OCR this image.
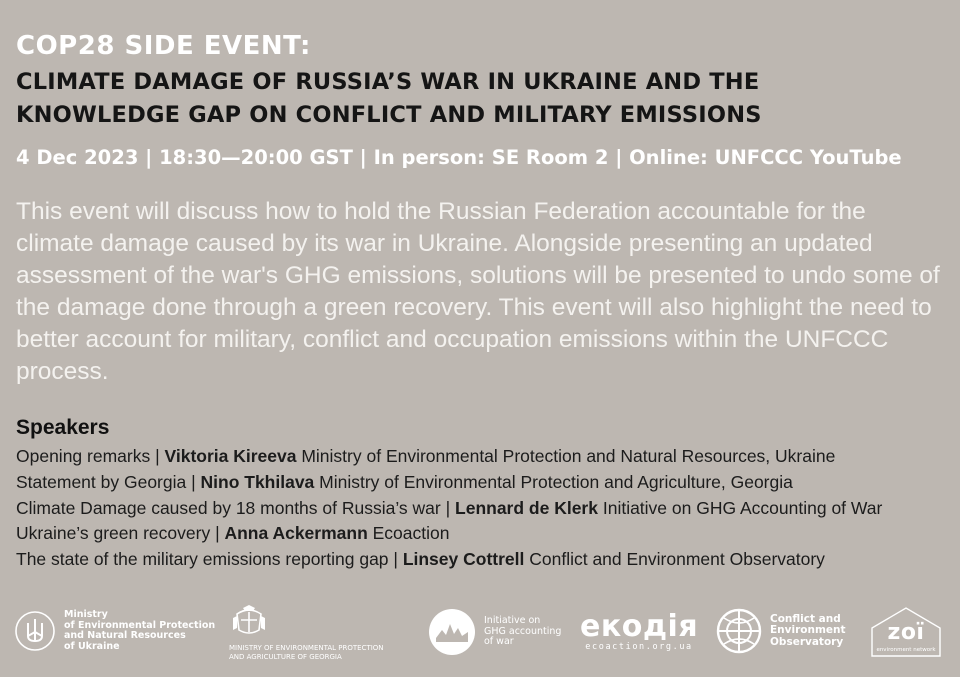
COP28 SIDE EVENT:
CLIMATE DAMAGE OF RUSSIA’S WAR IN UKRAINE AND THE
KNOWLEDGE GAP ON CONFLICT AND MILITARY EMISSIONS
4 Dec 2023 | 18:30—20:00 GST | In person: SE Room 2 | Online: UNFCCC YouTube

This event will discuss how to hold the Russian Federation accountable for the climate damage caused by its war in Ukraine. Alongside presenting an updated assessment of the war's GHG emissions, solutions will be presented to undo some of the damage done through a green recovery. This event will also highlight the need to better account for military, conflict and occupation emissions within the UNFCCC process.

Speakers
Opening remarks | Viktoria Kireeva Ministry of Environmental Protection and Natural Resources, Ukraine
Statement by Georgia | Nino Tkhilava Ministry of Environmental Protection and Agriculture, Georgia
Climate Damage caused by 18 months of Russia’s war | Lennard de Klerk Initiative on GHG Accounting of War
Ukraine’s green recovery | Anna Ackermann Ecoaction
The state of the military emissions reporting gap | Linsey Cottrell Conflict and Environment Observatory
Ministry
of Environmental Protection
and Natural Resources
of Ukraine	MINISTRY OF ENVIRONMENTAL PROTECTION
AND AGRICULTURE OF GEORGIA
Initiative on
GHG accounting
of war	екодія
ecoaction.org.ua
Conflict and
Environment
Observatory	zoï
environment network
